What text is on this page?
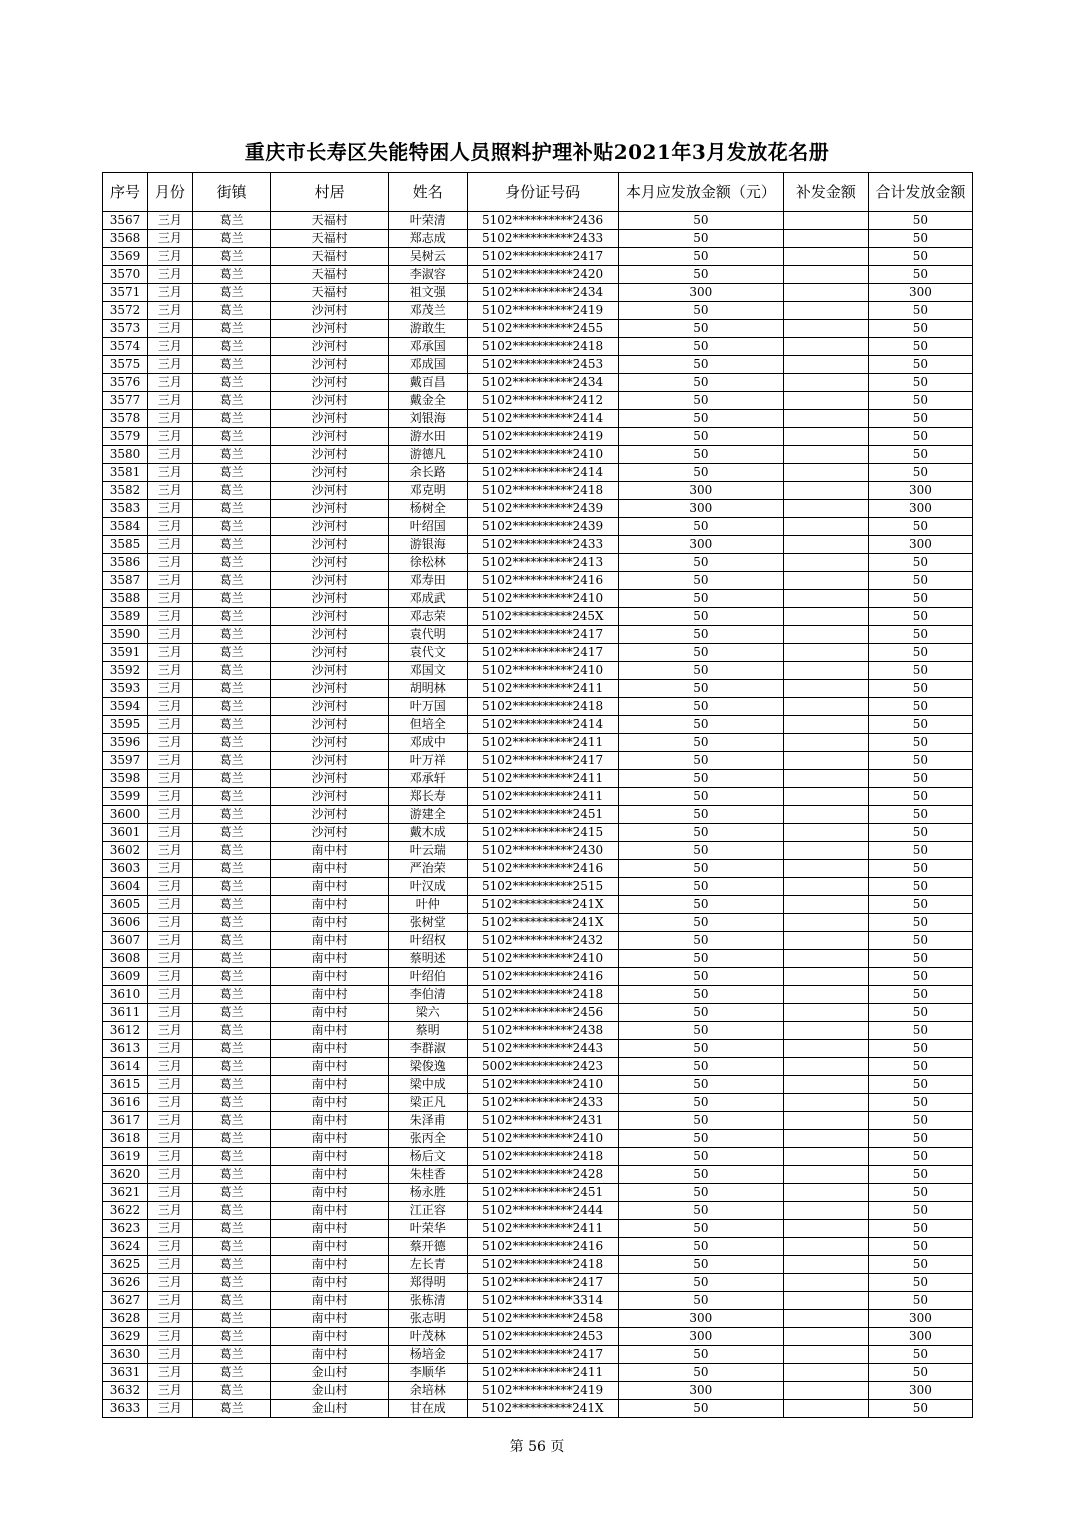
重庆市长寿区失能特困人员照料护理补贴2021年3月发放花名册
序号	月份	街镇	村居	姓名	身份证号码	本月应发放金额（元）	补发金额	合计发放金额
3567	三月	葛兰	天福村	叶荣清	5102**********2436	50		50
3568	三月	葛兰	天福村	郑志成	5102**********2433	50		50
3569	三月	葛兰	天福村	吴树云	5102**********2417	50		50
3570	三月	葛兰	天福村	李淑容	5102**********2420	50		50
3571	三月	葛兰	天福村	祖文强	5102**********2434	300		300
3572	三月	葛兰	沙河村	邓茂兰	5102**********2419	50		50
3573	三月	葛兰	沙河村	游敢生	5102**********2455	50		50
3574	三月	葛兰	沙河村	邓承国	5102**********2418	50		50
3575	三月	葛兰	沙河村	邓成国	5102**********2453	50		50
3576	三月	葛兰	沙河村	戴百昌	5102**********2434	50		50
3577	三月	葛兰	沙河村	戴金全	5102**********2412	50		50
3578	三月	葛兰	沙河村	刘银海	5102**********2414	50		50
3579	三月	葛兰	沙河村	游水田	5102**********2419	50		50
3580	三月	葛兰	沙河村	游德凡	5102**********2410	50		50
3581	三月	葛兰	沙河村	余长路	5102**********2414	50		50
3582	三月	葛兰	沙河村	邓克明	5102**********2418	300		300
3583	三月	葛兰	沙河村	杨树全	5102**********2439	300		300
3584	三月	葛兰	沙河村	叶绍国	5102**********2439	50		50
3585	三月	葛兰	沙河村	游银海	5102**********2433	300		300
3586	三月	葛兰	沙河村	徐松林	5102**********2413	50		50
3587	三月	葛兰	沙河村	邓寿田	5102**********2416	50		50
3588	三月	葛兰	沙河村	邓成武	5102**********2410	50		50
3589	三月	葛兰	沙河村	邓志荣	5102**********245X	50		50
3590	三月	葛兰	沙河村	袁代明	5102**********2417	50		50
3591	三月	葛兰	沙河村	袁代文	5102**********2417	50		50
3592	三月	葛兰	沙河村	邓国文	5102**********2410	50		50
3593	三月	葛兰	沙河村	胡明林	5102**********2411	50		50
3594	三月	葛兰	沙河村	叶万国	5102**********2418	50		50
3595	三月	葛兰	沙河村	但培全	5102**********2414	50		50
3596	三月	葛兰	沙河村	邓成中	5102**********2411	50		50
3597	三月	葛兰	沙河村	叶万祥	5102**********2417	50		50
3598	三月	葛兰	沙河村	邓承轩	5102**********2411	50		50
3599	三月	葛兰	沙河村	郑长寿	5102**********2411	50		50
3600	三月	葛兰	沙河村	游建全	5102**********2451	50		50
3601	三月	葛兰	沙河村	戴木成	5102**********2415	50		50
3602	三月	葛兰	南中村	叶云瑞	5102**********2430	50		50
3603	三月	葛兰	南中村	严治荣	5102**********2416	50		50
3604	三月	葛兰	南中村	叶汉成	5102**********2515	50		50
3605	三月	葛兰	南中村	叶仲	5102**********241X	50		50
3606	三月	葛兰	南中村	张树堂	5102**********241X	50		50
3607	三月	葛兰	南中村	叶绍权	5102**********2432	50		50
3608	三月	葛兰	南中村	蔡明述	5102**********2410	50		50
3609	三月	葛兰	南中村	叶绍伯	5102**********2416	50		50
3610	三月	葛兰	南中村	李伯清	5102**********2418	50		50
3611	三月	葛兰	南中村	梁六	5102**********2456	50		50
3612	三月	葛兰	南中村	蔡明	5102**********2438	50		50
3613	三月	葛兰	南中村	李群淑	5102**********2443	50		50
3614	三月	葛兰	南中村	梁俊逸	5002**********2423	50		50
3615	三月	葛兰	南中村	梁中成	5102**********2410	50		50
3616	三月	葛兰	南中村	梁正凡	5102**********2433	50		50
3617	三月	葛兰	南中村	朱泽甫	5102**********2431	50		50
3618	三月	葛兰	南中村	张丙全	5102**********2410	50		50
3619	三月	葛兰	南中村	杨后文	5102**********2418	50		50
3620	三月	葛兰	南中村	朱桂香	5102**********2428	50		50
3621	三月	葛兰	南中村	杨永胜	5102**********2451	50		50
3622	三月	葛兰	南中村	江正容	5102**********2444	50		50
3623	三月	葛兰	南中村	叶荣华	5102**********2411	50		50
3624	三月	葛兰	南中村	蔡开德	5102**********2416	50		50
3625	三月	葛兰	南中村	左长青	5102**********2418	50		50
3626	三月	葛兰	南中村	郑得明	5102**********2417	50		50
3627	三月	葛兰	南中村	张栋清	5102**********3314	50		50
3628	三月	葛兰	南中村	张志明	5102**********2458	300		300
3629	三月	葛兰	南中村	叶茂林	5102**********2453	300		300
3630	三月	葛兰	南中村	杨培金	5102**********2417	50		50
3631	三月	葛兰	金山村	李顺华	5102**********2411	50		50
3632	三月	葛兰	金山村	余培林	5102**********2419	300		300
3633	三月	葛兰	金山村	甘在成	5102**********241X	50		50
第 56 页
